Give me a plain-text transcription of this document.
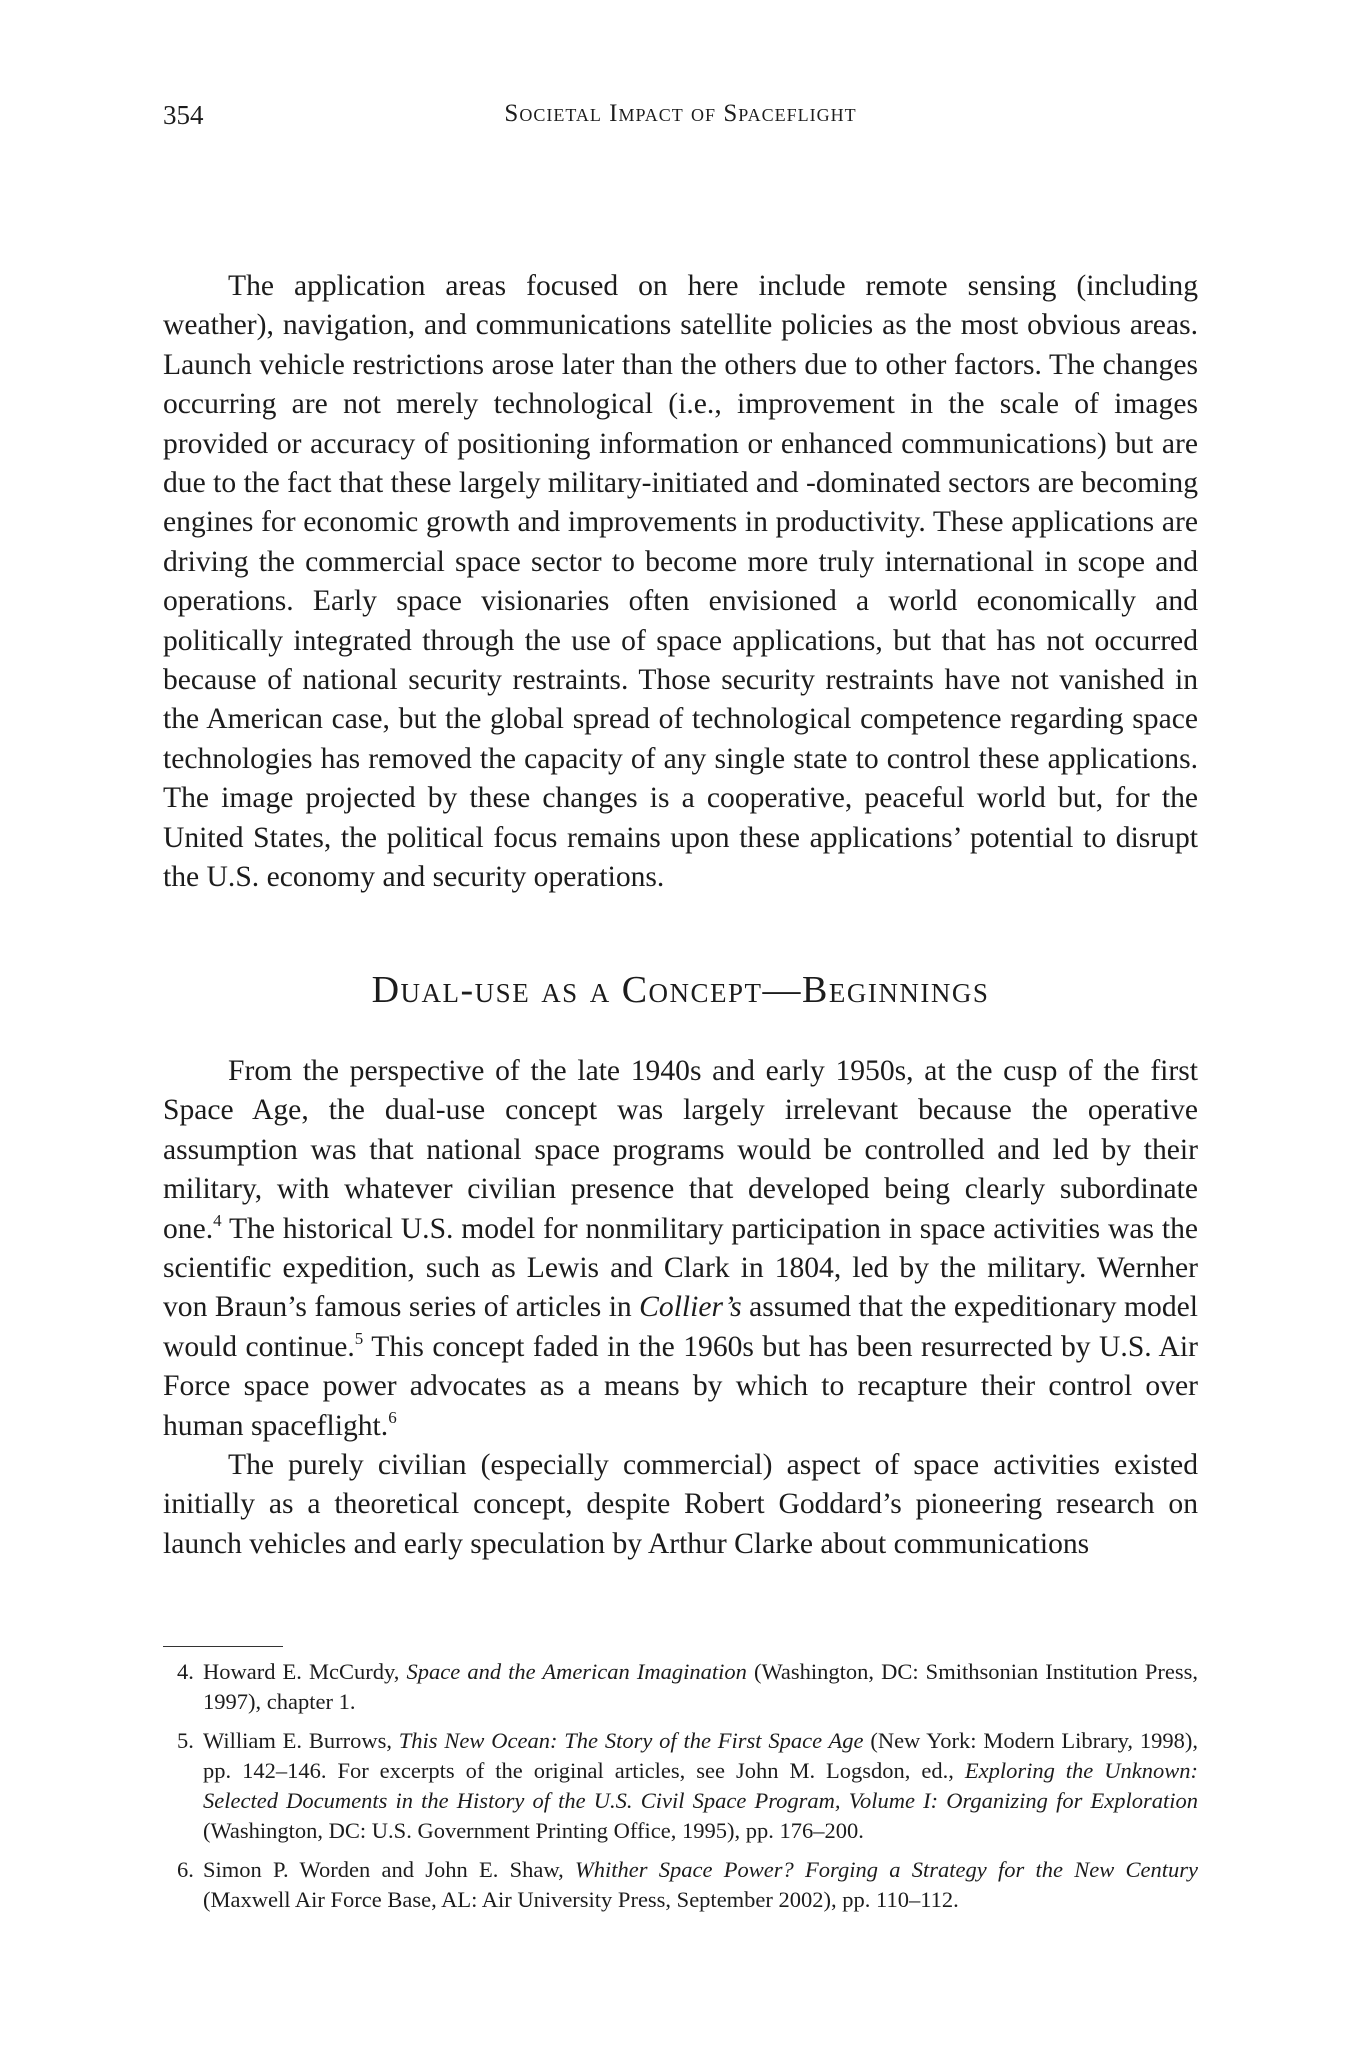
354	Societal Impact of Spaceflight

The application areas focused on here include remote sensing (including weather), navigation, and communications satellite policies as the most obvious areas. Launch vehicle restrictions arose later than the others due to other factors. The changes occurring are not merely technological (i.e., improvement in the scale of images provided or accuracy of positioning information or enhanced communications) but are due to the fact that these largely military-initiated and -dominated sectors are becoming engines for economic growth and improvements in productivity. These applications are driving the commercial space sector to become more truly international in scope and operations. Early space visionaries often envisioned a world economically and politically integrated through the use of space applications, but that has not occurred because of national security restraints. Those security restraints have not vanished in the American case, but the global spread of technological competence regarding space technologies has removed the capacity of any single state to control these applications. The image projected by these changes is a cooperative, peaceful world but, for the United States, the political focus remains upon these applications’ potential to disrupt the U.S. economy and security operations.

Dual-use as a Concept—Beginnings

From the perspective of the late 1940s and early 1950s, at the cusp of the first Space Age, the dual-use concept was largely irrelevant because the operative assumption was that national space programs would be controlled and led by their military, with whatever civilian presence that developed being clearly subordinate one.$^4$ The historical U.S. model for nonmilitary participation in space activities was the scientific expedition, such as Lewis and Clark in 1804, led by the military. Wernher von Braun’s famous series of articles in Collier’s assumed that the expeditionary model would continue.$^5$ This concept faded in the 1960s but has been resurrected by U.S. Air Force space power advocates as a means by which to recapture their control over human spaceflight.$^6$

The purely civilian (especially commercial) aspect of space activities existed initially as a theoretical concept, despite Robert Goddard’s pioneering research on launch vehicles and early speculation by Arthur Clarke about communications

4. Howard E. McCurdy, Space and the American Imagination (Washington, DC: Smithsonian Institution Press, 1997), chapter 1.
5. William E. Burrows, This New Ocean: The Story of the First Space Age (New York: Modern Library, 1998), pp. 142–146. For excerpts of the original articles, see John M. Logsdon, ed., Exploring the Unknown: Selected Documents in the History of the U.S. Civil Space Program, Volume I: Organizing for Exploration (Washington, DC: U.S. Government Printing Office, 1995), pp. 176–200.
6. Simon P. Worden and John E. Shaw, Whither Space Power? Forging a Strategy for the New Century (Maxwell Air Force Base, AL: Air University Press, September 2002), pp. 110–112.
